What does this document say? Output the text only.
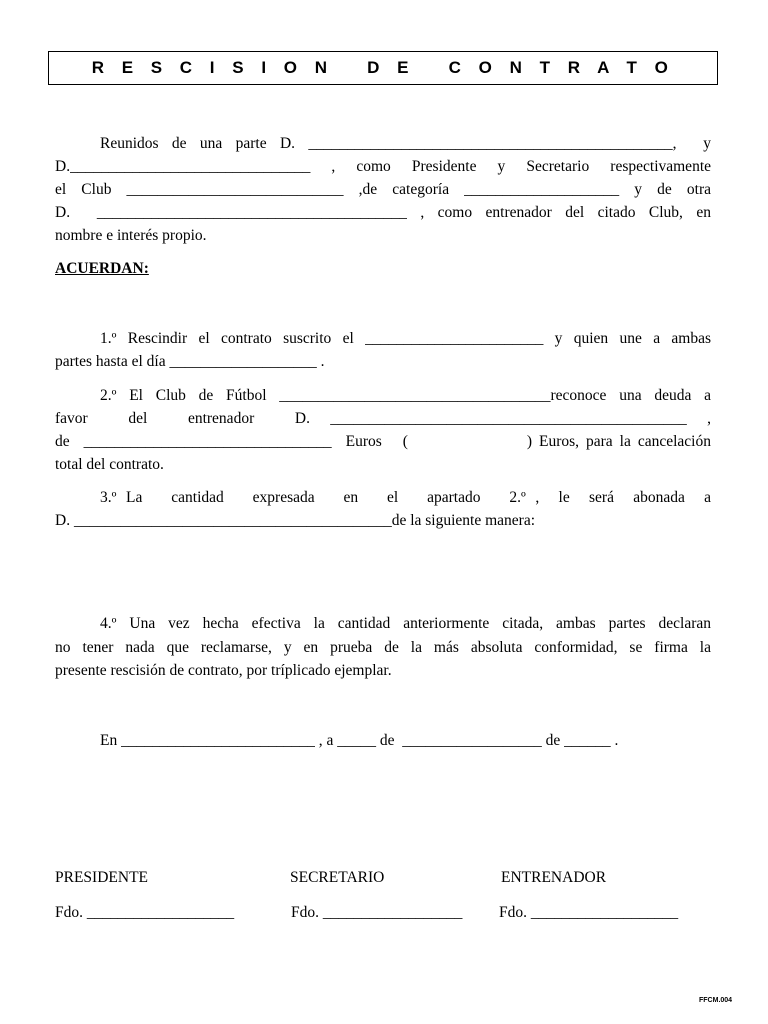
R E S C I S I O N   D E   C O N T R A T O
Reunidos de una parte D. _______________________________________________,  y
D._______________________________ , como Presidente y Secretario respectivamente
el Club ____________________________ ,de categoría ____________________ y de otra
D.  ________________________________________ , como entrenador del citado Club, en
nombre e interés propio.
ACUERDAN:
1.º Rescindir el contrato suscrito el _______________________ y quien une a ambas
partes hasta el día ___________________ .
2.º El Club de Fútbol ___________________________________reconoce una deuda a
favor  del  entrenador  D. ______________________________________________ ,
de  ________________________________  Euros   (                 ) Euros, para la cancelación
total del contrato.
3.º La   cantidad   expresada   en   el   apartado   2.º ,  le  será  abonada  a
D. _________________________________________de la siguiente manera:
4.º Una vez hecha efectiva la cantidad anteriormente citada, ambas partes declaran
no tener nada que reclamarse, y en prueba de la más absoluta conformidad, se firma la
presente rescisión de contrato, por tríplicado ejemplar.
En _________________________ , a _____ de  __________________ de ______ .
PRESIDENTE	SECRETARIO	ENTRENADOR
Fdo. ___________________	Fdo. __________________ Fdo. ___________________
FFCM.004
